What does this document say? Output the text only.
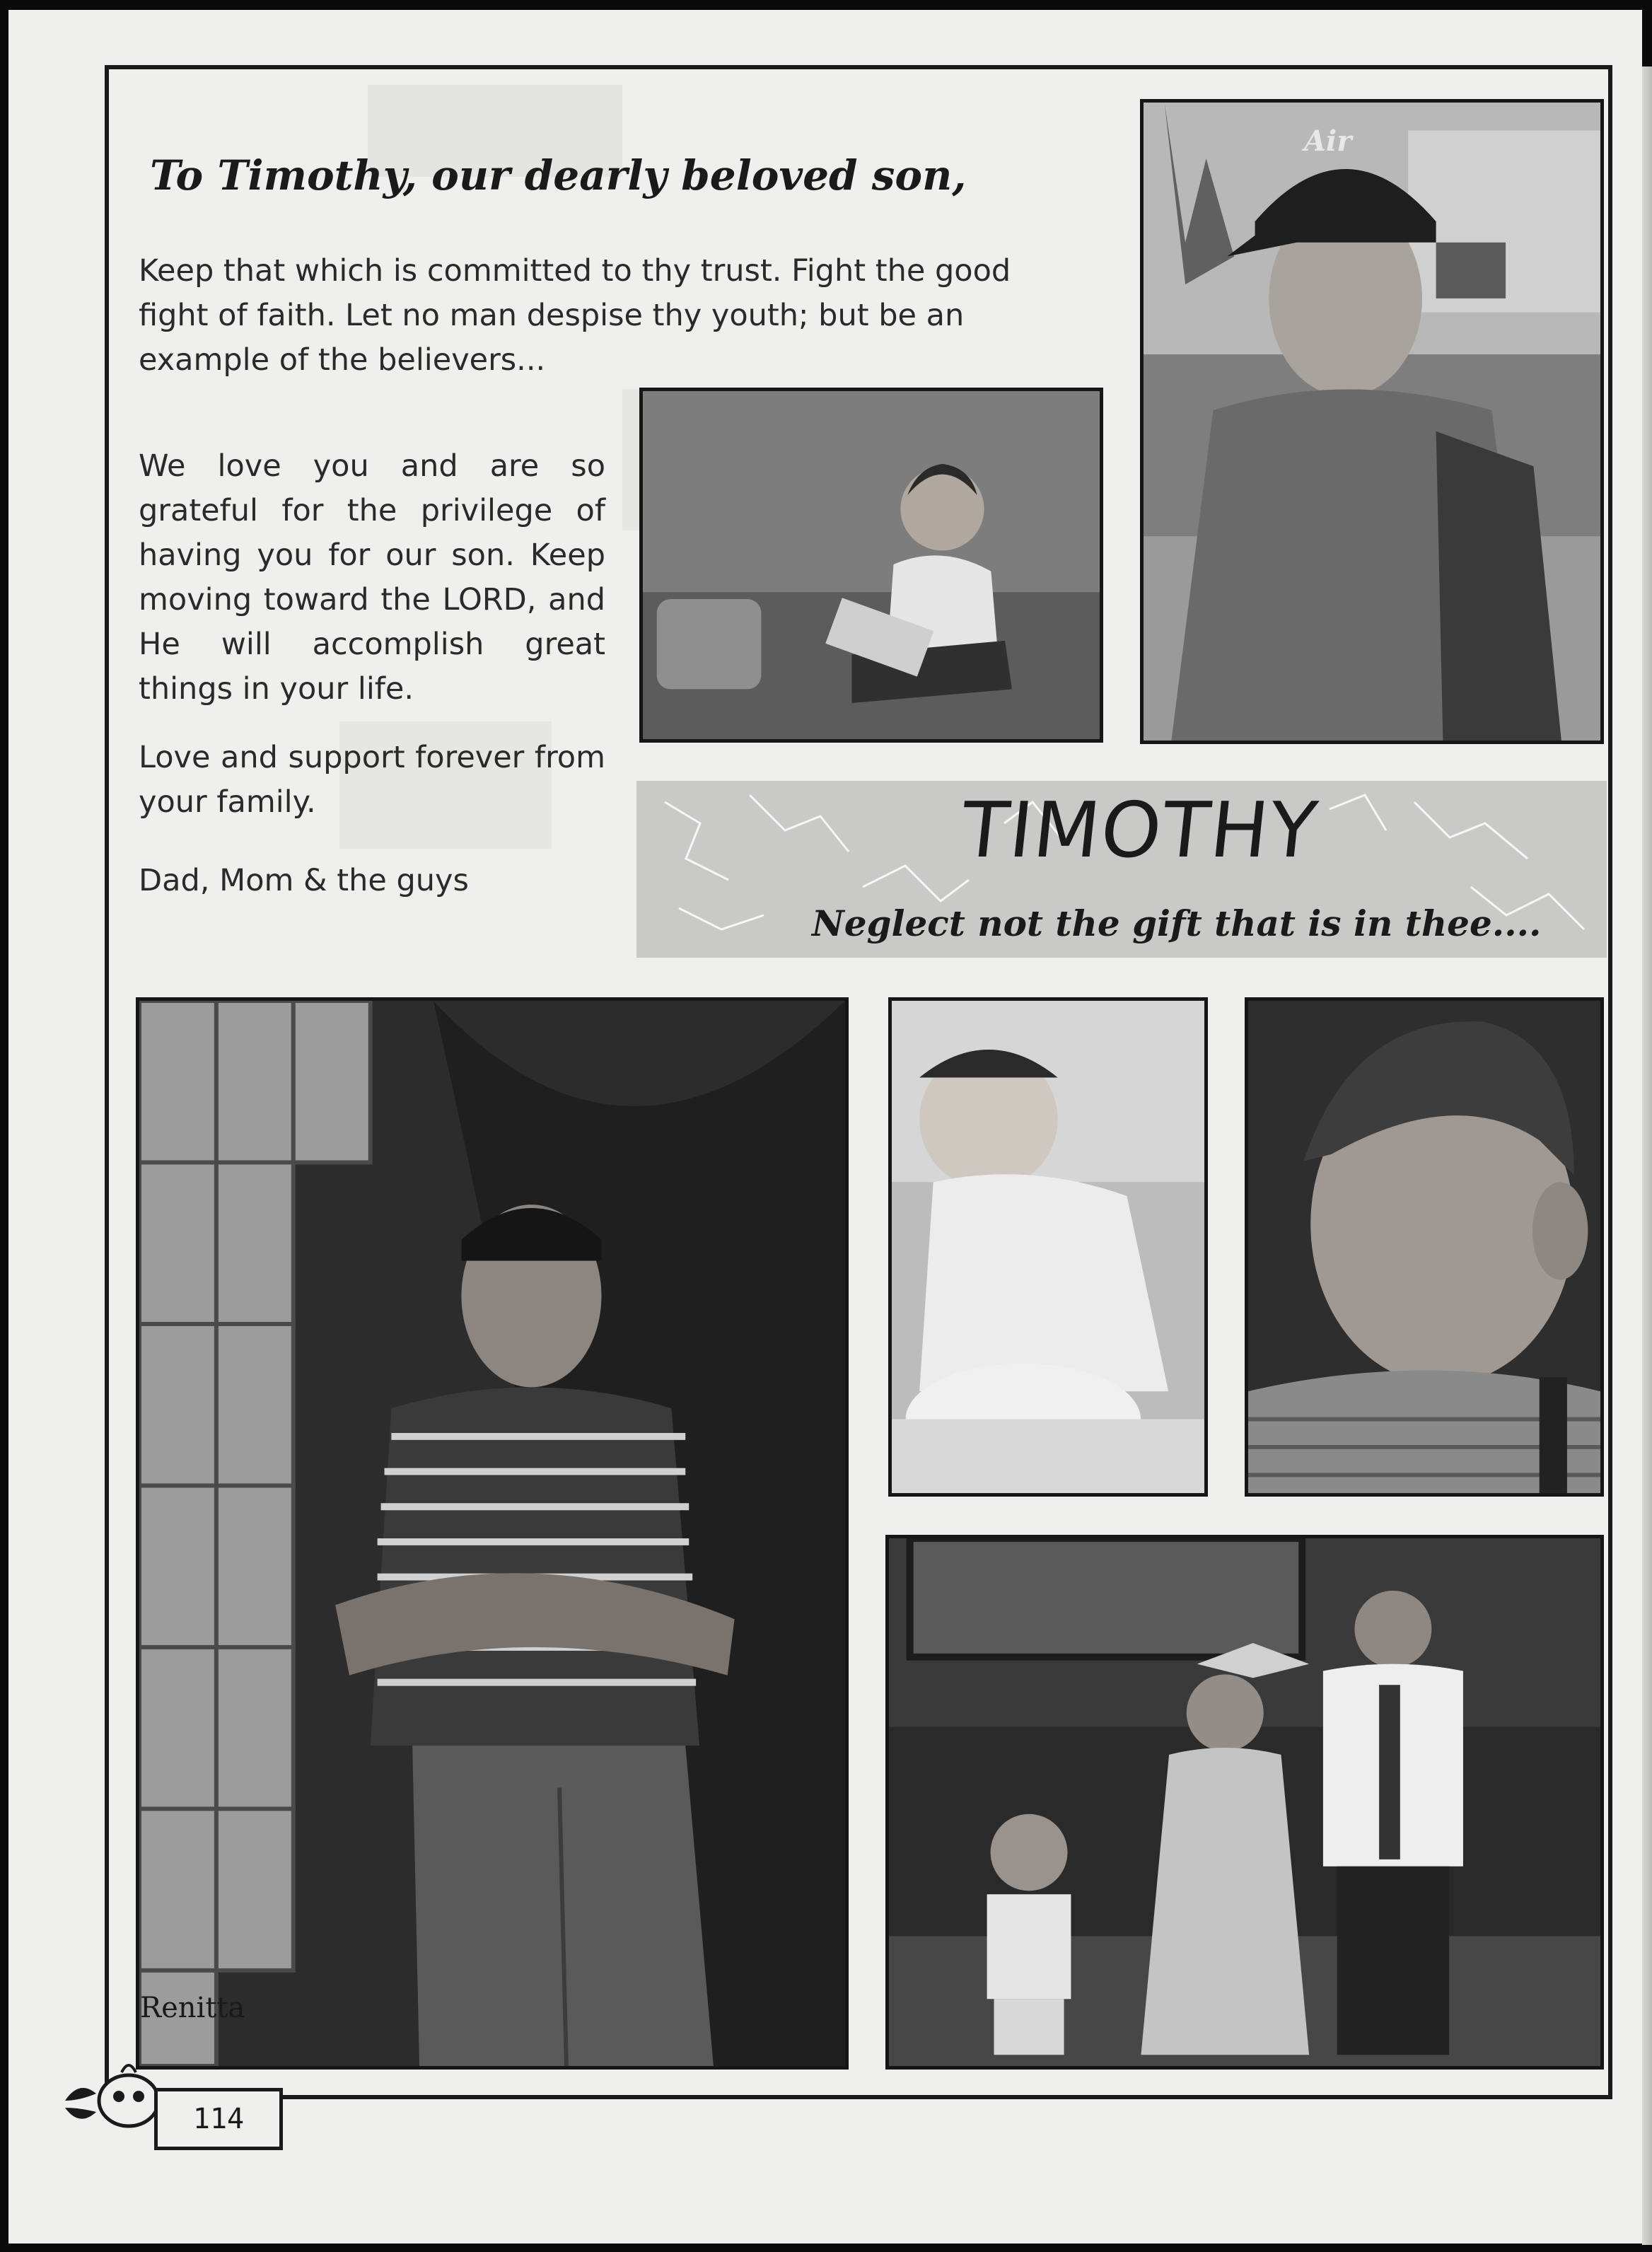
To Timothy, our dearly beloved son,

Keep that which is committed to thy trust. Fight the good fight of faith. Let no man despise thy youth; but be an example of the believers...

We love you and are so grateful for the privilege of having you for our son. Keep moving toward the LORD, and He will accomplish great things in your life.

Love and support forever from your family.

Dad, Mom & the guys

Air
TIMOTHY
Neglect not the gift that is in thee....
Renitta
114
